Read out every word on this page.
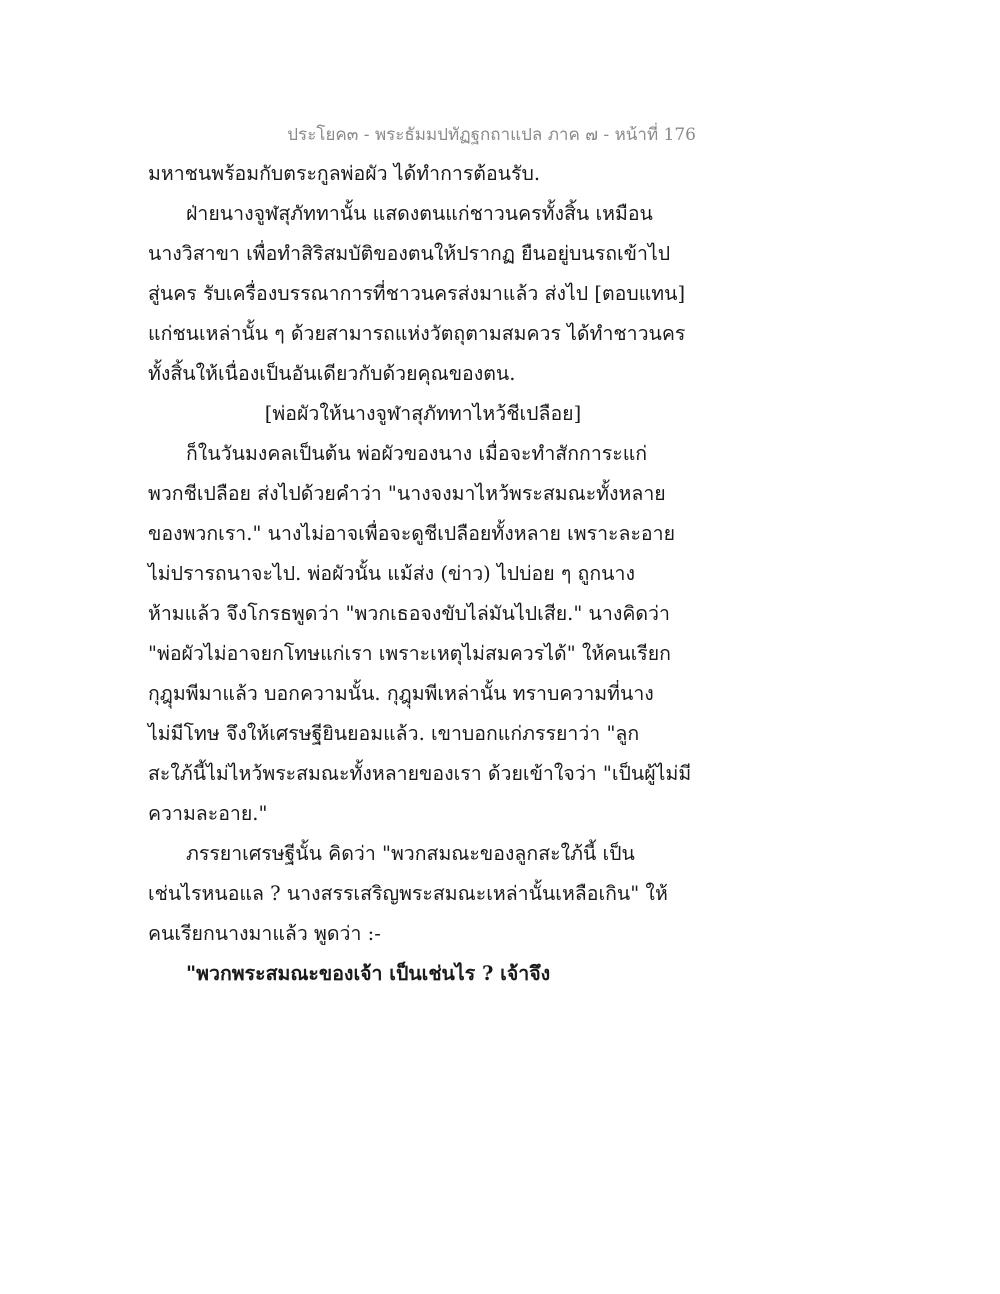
ประโยค๓ - พระธัมมปทัฏฐกถาแปล ภาค ๗ - หน้าที่ 176
มหาชนพร้อมกับตระกูลพ่อผัว ได้ทำการต้อนรับ.
ฝ่ายนางจูฬสุภัททานั้น แสดงตนแก่ชาวนครทั้งสิ้น เหมือน
นางวิสาขา เพื่อทำสิริสมบัติของตนให้ปรากฏ ยืนอยู่บนรถเข้าไป
สู่นคร รับเครื่องบรรณาการที่ชาวนครส่งมาแล้ว ส่งไป [ตอบแทน]
แก่ชนเหล่านั้น ๆ ด้วยสามารถแห่งวัตถุตามสมควร ได้ทำชาวนคร
ทั้งสิ้นให้เนื่องเป็นอันเดียวกับด้วยคุณของตน.
[พ่อผัวให้นางจูฬาสุภัททาไหว้ชีเปลือย]
ก็ในวันมงคลเป็นต้น พ่อผัวของนาง เมื่อจะทำสักการะแก่
พวกชีเปลือย ส่งไปด้วยคำว่า "นางจงมาไหว้พระสมณะทั้งหลาย
ของพวกเรา." นางไม่อาจเพื่อจะดูชีเปลือยทั้งหลาย เพราะละอาย
ไม่ปรารถนาจะไป. พ่อผัวนั้น แม้ส่ง (ข่าว) ไปบ่อย ๆ ถูกนาง
ห้ามแล้ว จึงโกรธพูดว่า "พวกเธอจงขับไล่มันไปเสีย." นางคิดว่า
"พ่อผัวไม่อาจยกโทษแก่เรา เพราะเหตุไม่สมควรได้" ให้คนเรียก
กุฎุมพีมาแล้ว บอกความนั้น. กุฎุมพีเหล่านั้น ทราบความที่นาง
ไม่มีโทษ จึงให้เศรษฐียินยอมแล้ว. เขาบอกแก่ภรรยาว่า "ลูก
สะใภ้นี้ไม่ไหว้พระสมณะทั้งหลายของเรา ด้วยเข้าใจว่า "เป็นผู้ไม่มี
ความละอาย."
ภรรยาเศรษฐีนั้น คิดว่า "พวกสมณะของลูกสะใภ้นี้ เป็น
เช่นไรหนอแล ? นางสรรเสริญพระสมณะเหล่านั้นเหลือเกิน" ให้
คนเรียกนางมาแล้ว พูดว่า :-
"พวกพระสมณะของเจ้า เป็นเช่นไร ? เจ้าจึง
